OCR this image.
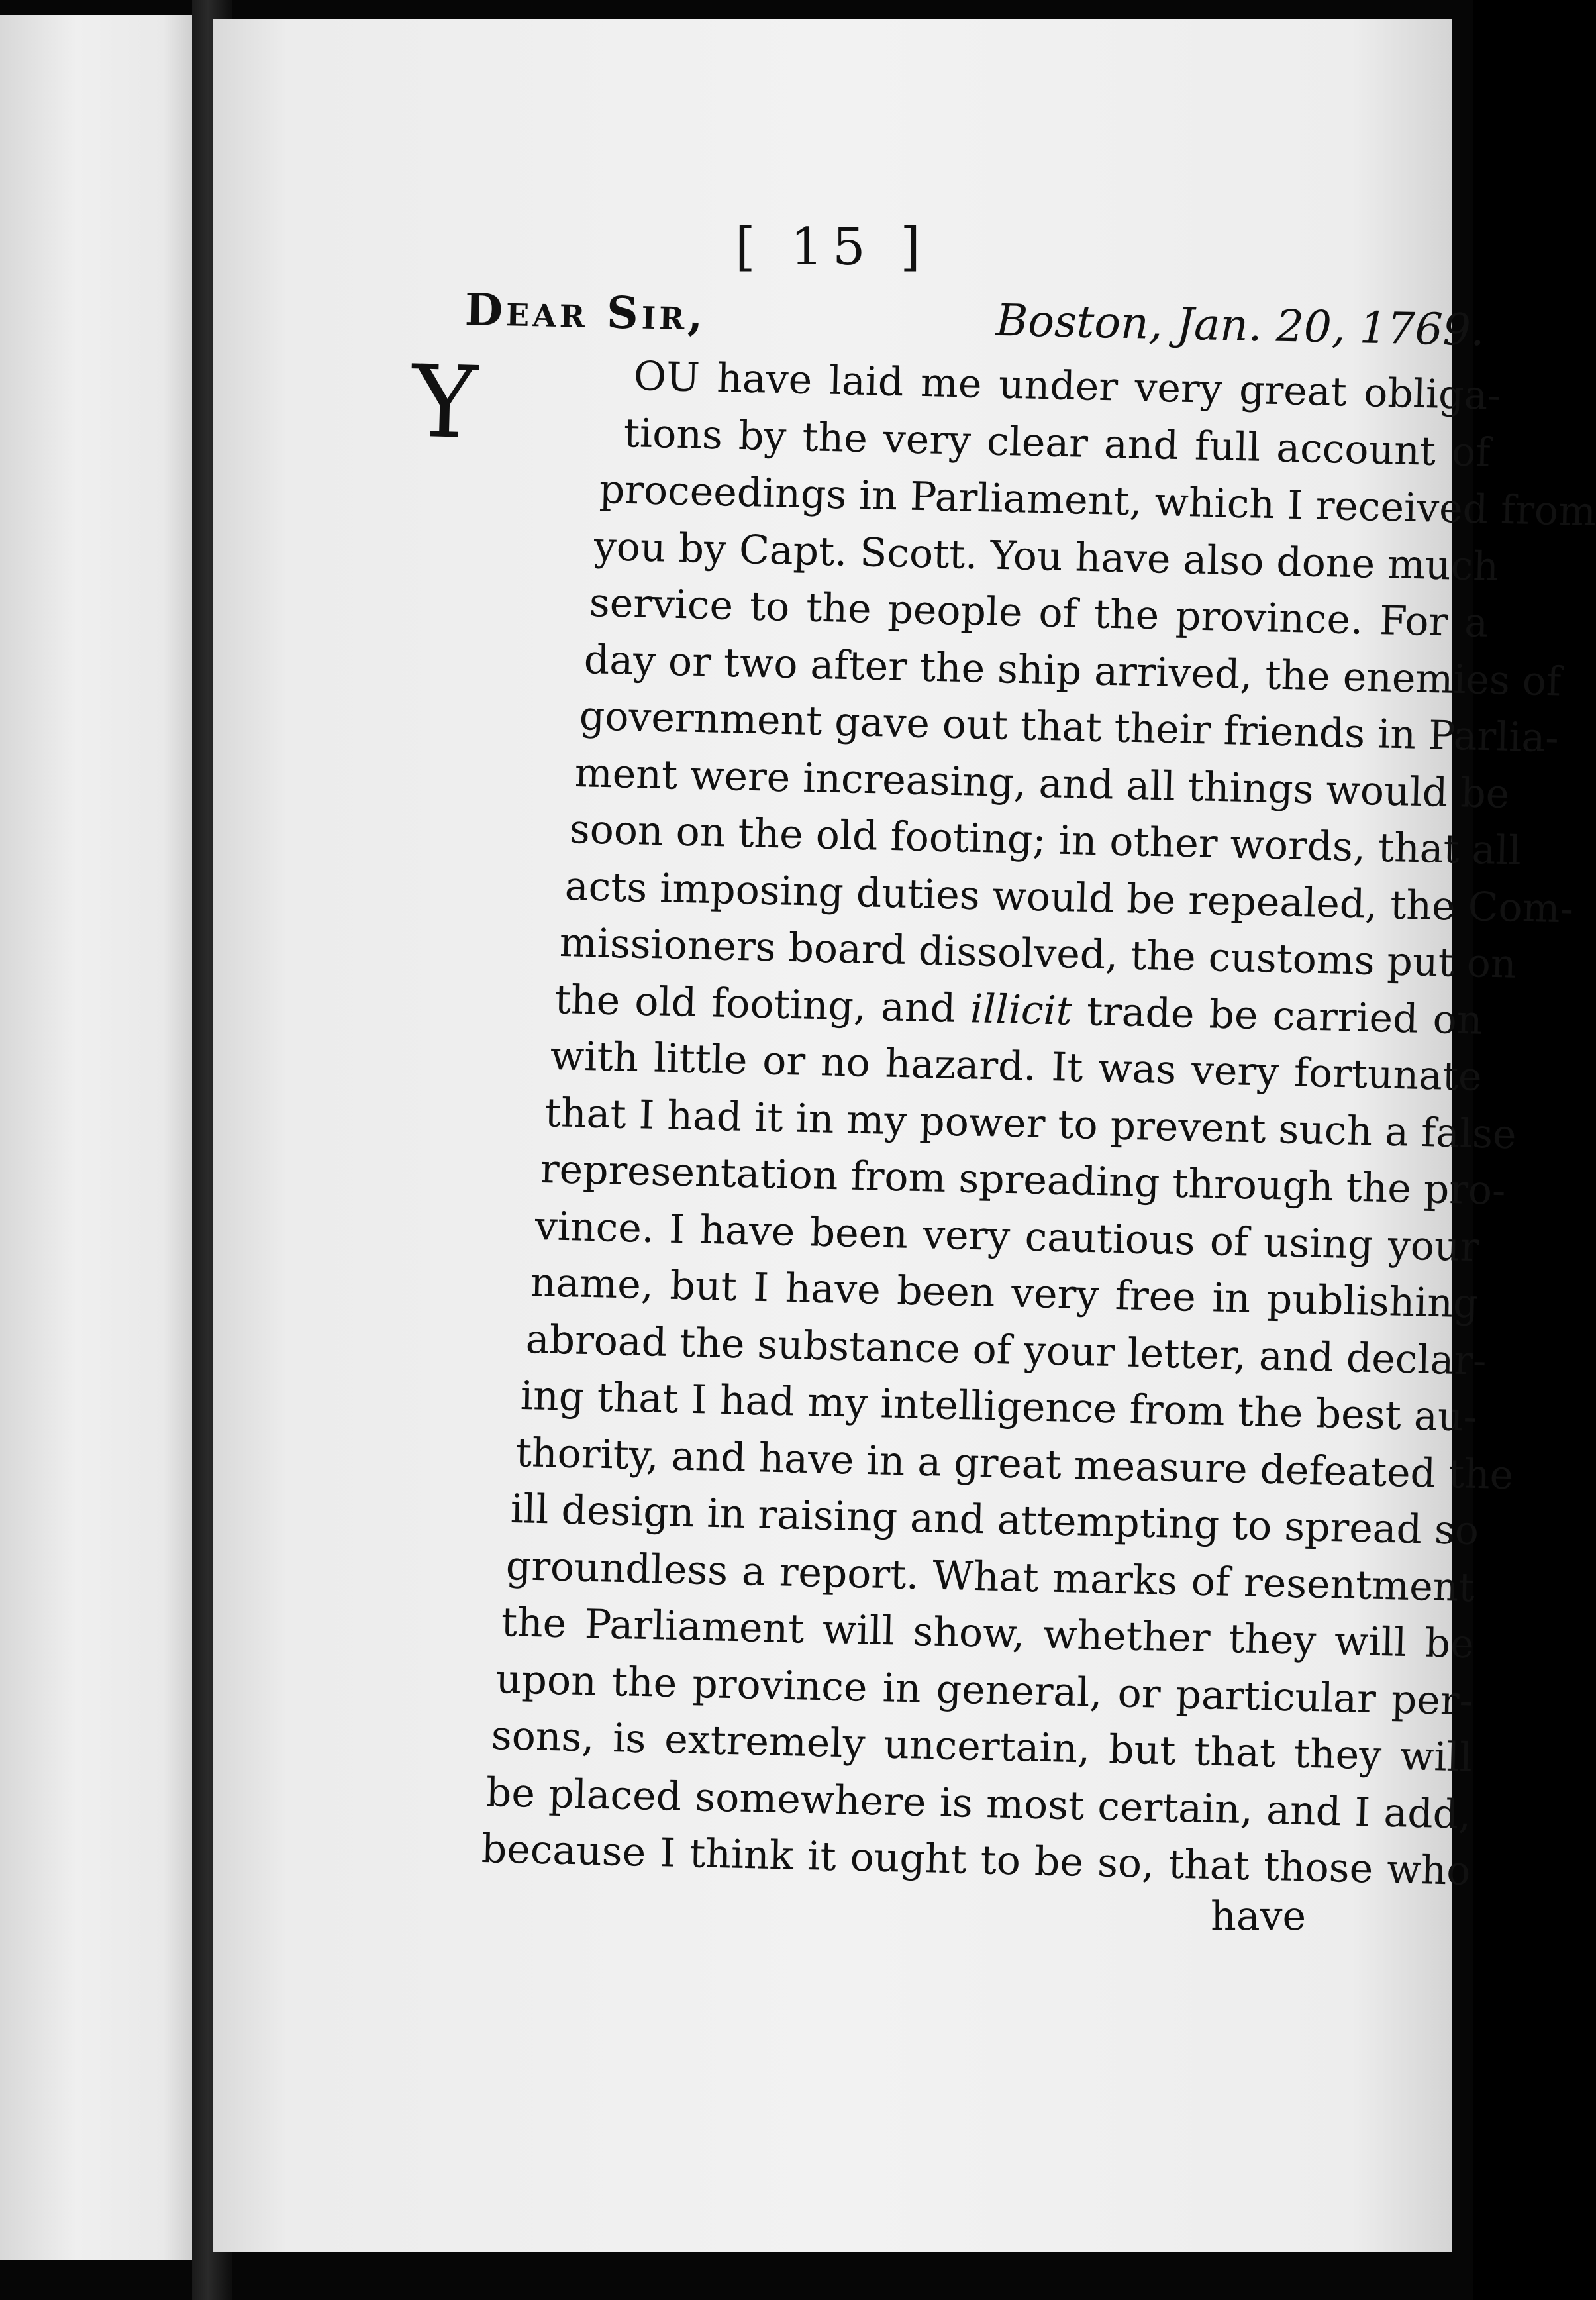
[ 15 ]
Dear Sir,	Boston, Jan. 20, 1769.
Y	OU have laid me under very great obliga-
tions by the very clear and full account of
proceedings in Parliament, which I received from
you by Capt. Scott. You have also done much
service to the people of the province. For a
day or two after the ship arrived, the enemies of
government gave out that their friends in Parlia-
ment were increasing, and all things would be
soon on the old footing; in other words, that all
acts imposing duties would be repealed, the Com-
missioners board dissolved, the customs put on
the old footing, and illicit trade be carried on
with little or no hazard. It was very fortunate
that I had it in my power to prevent such a false
representation from spreading through the pro-
vince. I have been very cautious of using your
name, but I have been very free in publishing
abroad the substance of your letter, and declar-
ing that I had my intelligence from the best au-
thority, and have in a great measure defeated the
ill design in raising and attempting to spread so
groundless a report. What marks of resentment
the Parliament will show, whether they will be
upon the province in general, or particular per-
sons, is extremely uncertain, but that they will
be placed somewhere is most certain, and I add,
because I think it ought to be so, that those who
have
